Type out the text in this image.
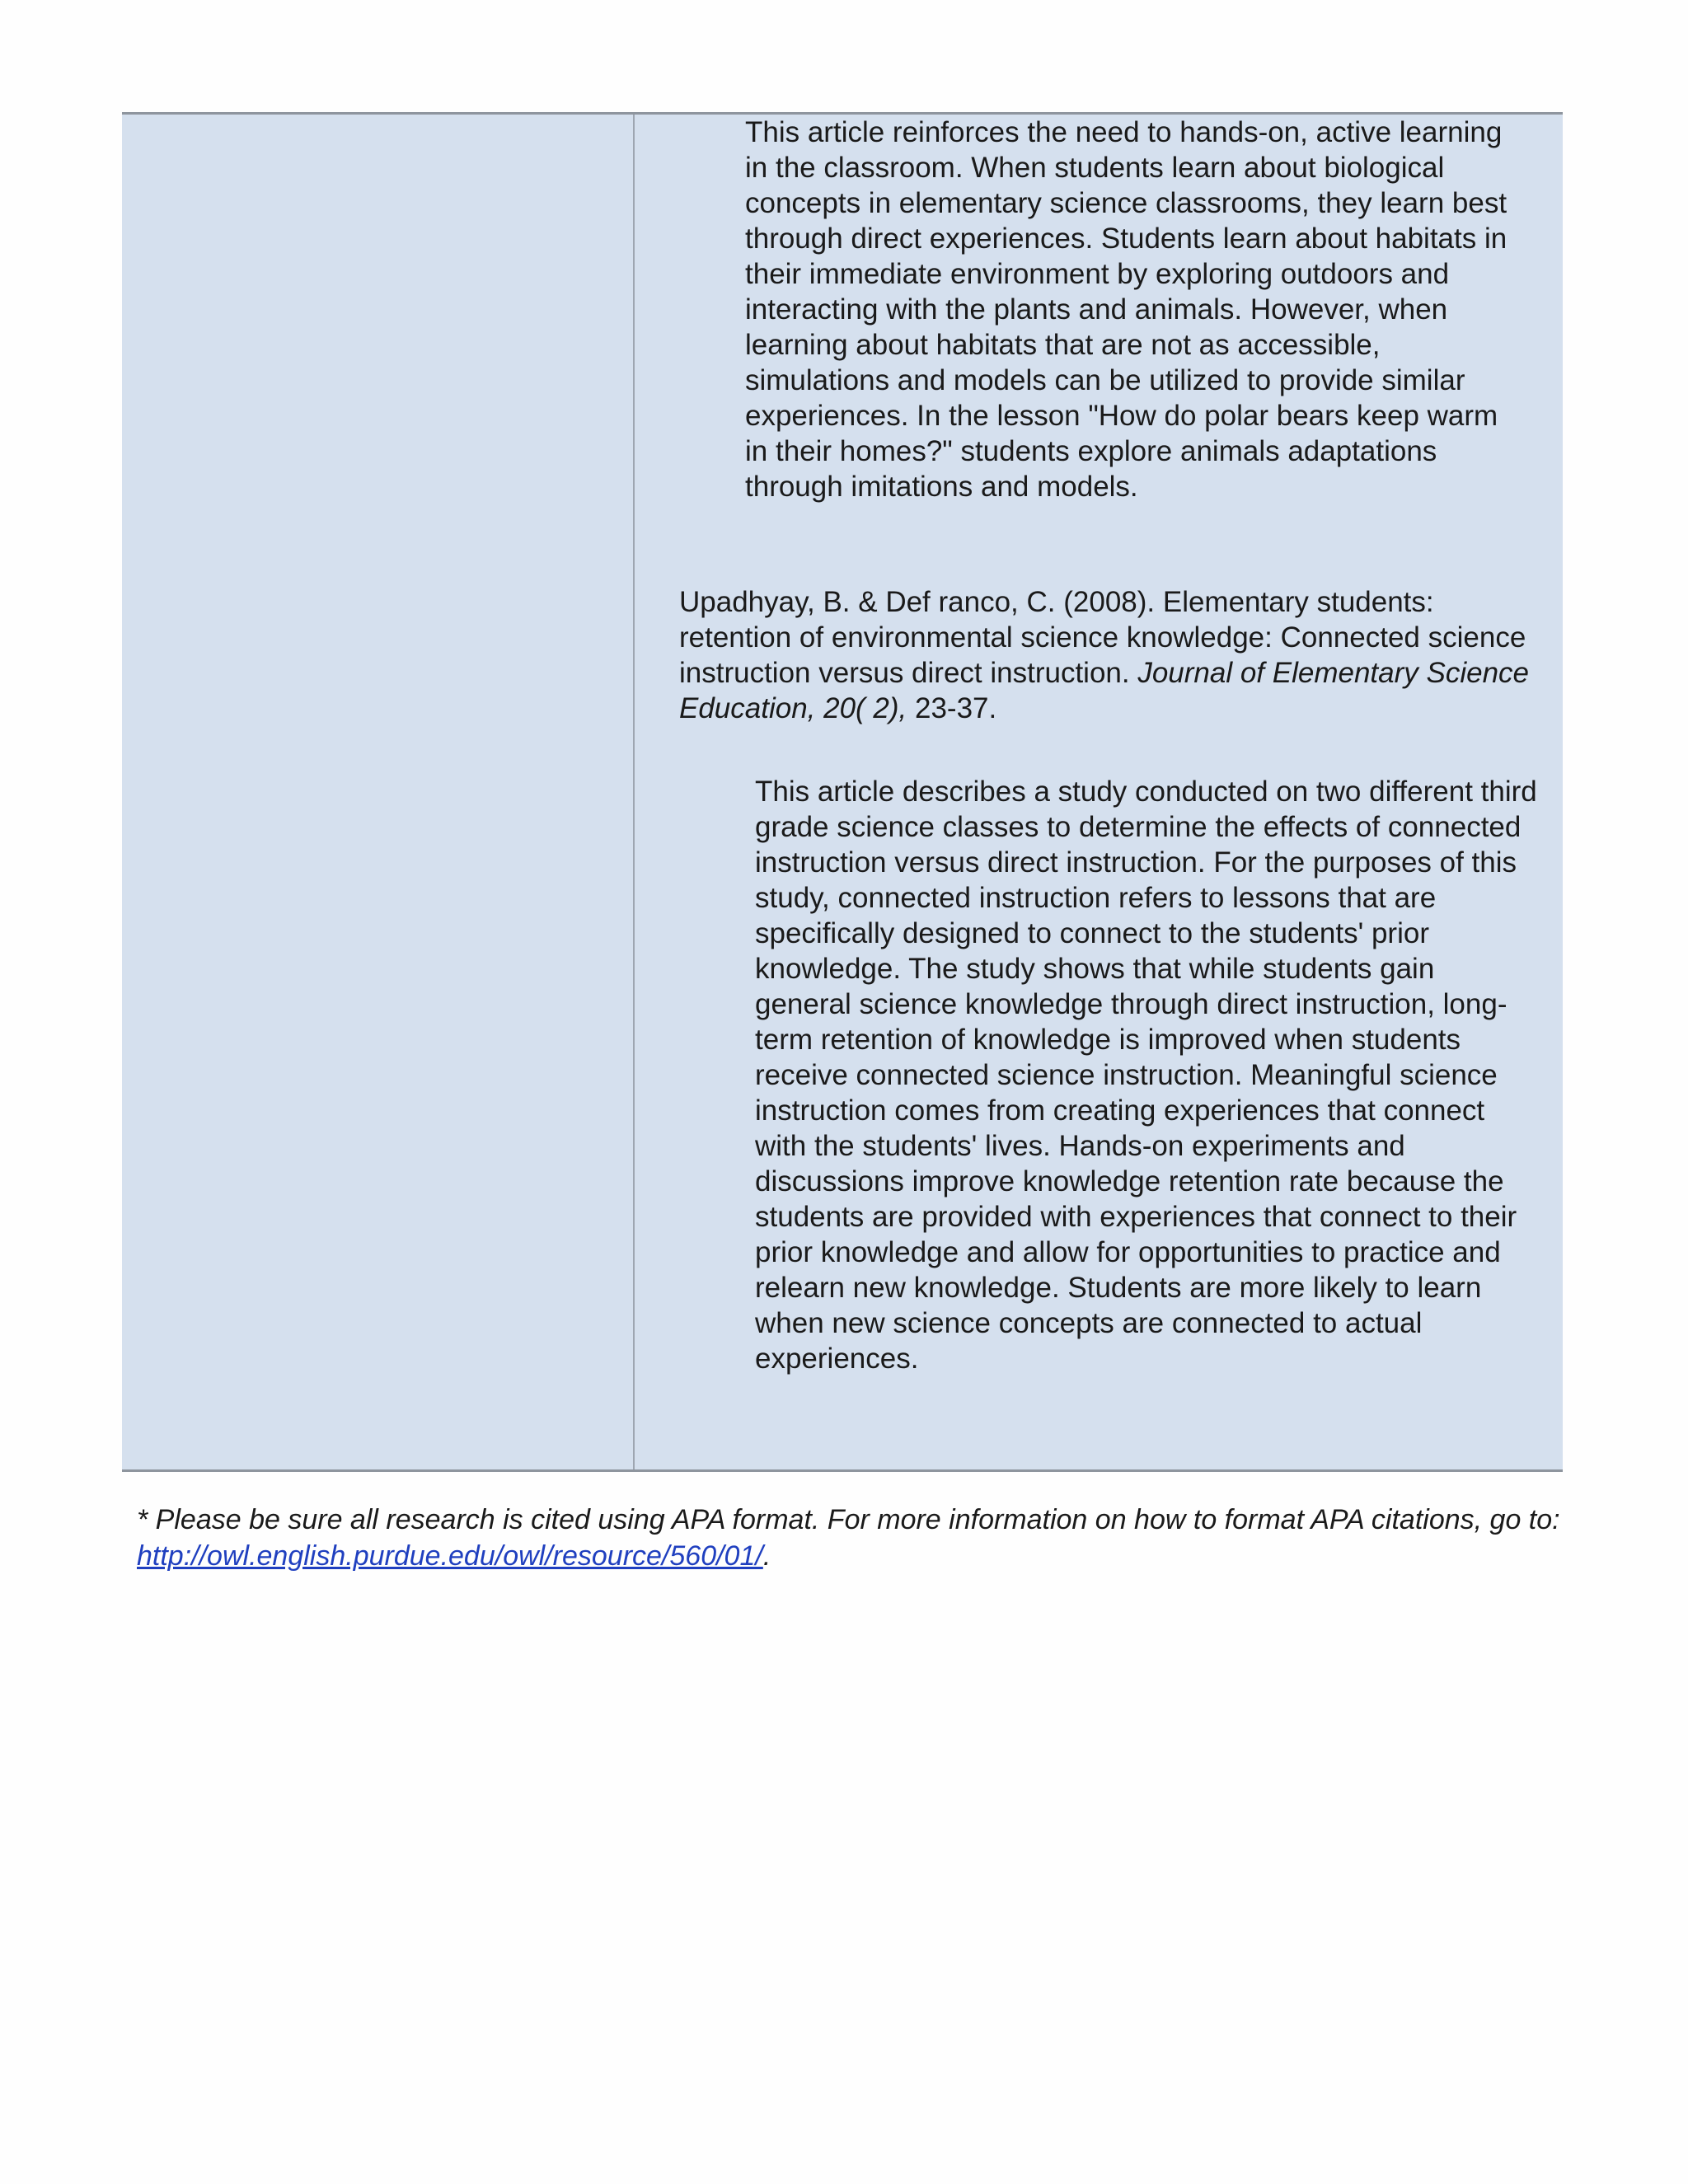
This article reinforces the need to hands-on, active learning in the classroom. When students learn about biological concepts in elementary science classrooms, they learn best through direct experiences. Students learn about habitats in their immediate environment by exploring outdoors and interacting with the plants and animals. However, when learning about habitats that are not as accessible, simulations and models can be utilized to provide similar experiences. In the lesson "How do polar bears keep warm in their homes?" students explore animals adaptations through imitations and models.

Upadhyay, B. & Def ranco, C. (2008). Elementary students: retention of environmental science knowledge: Connected science instruction versus direct instruction. Journal of Elementary Science Education, 20( 2), 23-37.

This article describes a study conducted on two different third grade science classes to determine the effects of connected instruction versus direct instruction. For the purposes of this study, connected instruction refers to lessons that are specifically designed to connect to the students' prior knowledge. The study shows that while students gain general science knowledge through direct instruction, long-term retention of knowledge is improved when students receive connected science instruction. Meaningful science instruction comes from creating experiences that connect with the students' lives. Hands-on experiments and discussions improve knowledge retention rate because the students are provided with experiences that connect to their prior knowledge and allow for opportunities to practice and relearn new knowledge. Students are more likely to learn when new science concepts are connected to actual experiences.

* Please be sure all research is cited using APA format. For more information on how to format APA citations, go to: http://owl.english.purdue.edu/owl/resource/560/01/.
